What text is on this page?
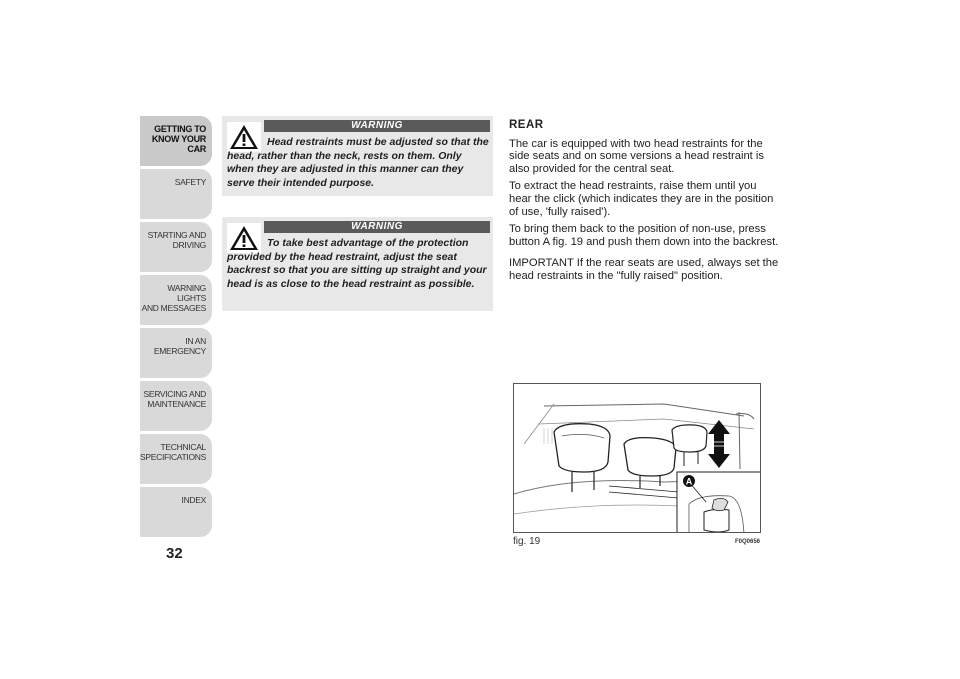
GETTING TO
KNOW YOUR CAR
SAFETY
STARTING AND
DRIVING
WARNING LIGHTS
AND MESSAGES
IN AN EMERGENCY
SERVICING AND
MAINTENANCE
TECHNICAL
SPECIFICATIONS
INDEX
32
WARNING
Head restraints must be adjusted so that the head, rather than the neck, rests on them. Only when they are adjusted in this manner can they serve their intended purpose.
WARNING
To take best advantage of the protection provided by the head restraint, adjust the seat backrest so that you are sitting up straight and your head is as close to the head restraint as possible.
REAR

The car is equipped with two head restraints for the side seats and on some versions a head restraint is also provided for the central seat.

To extract the head restraints, raise them until you hear the click (which indicates they are in the position of use, 'fully raised').

To bring them back to the position of non-use, press button A fig. 19 and push them down into the backrest.

IMPORTANT If the rear seats are used, always set the head restraints in the "fully raised" position.

A
fig. 19	F0Q0656
